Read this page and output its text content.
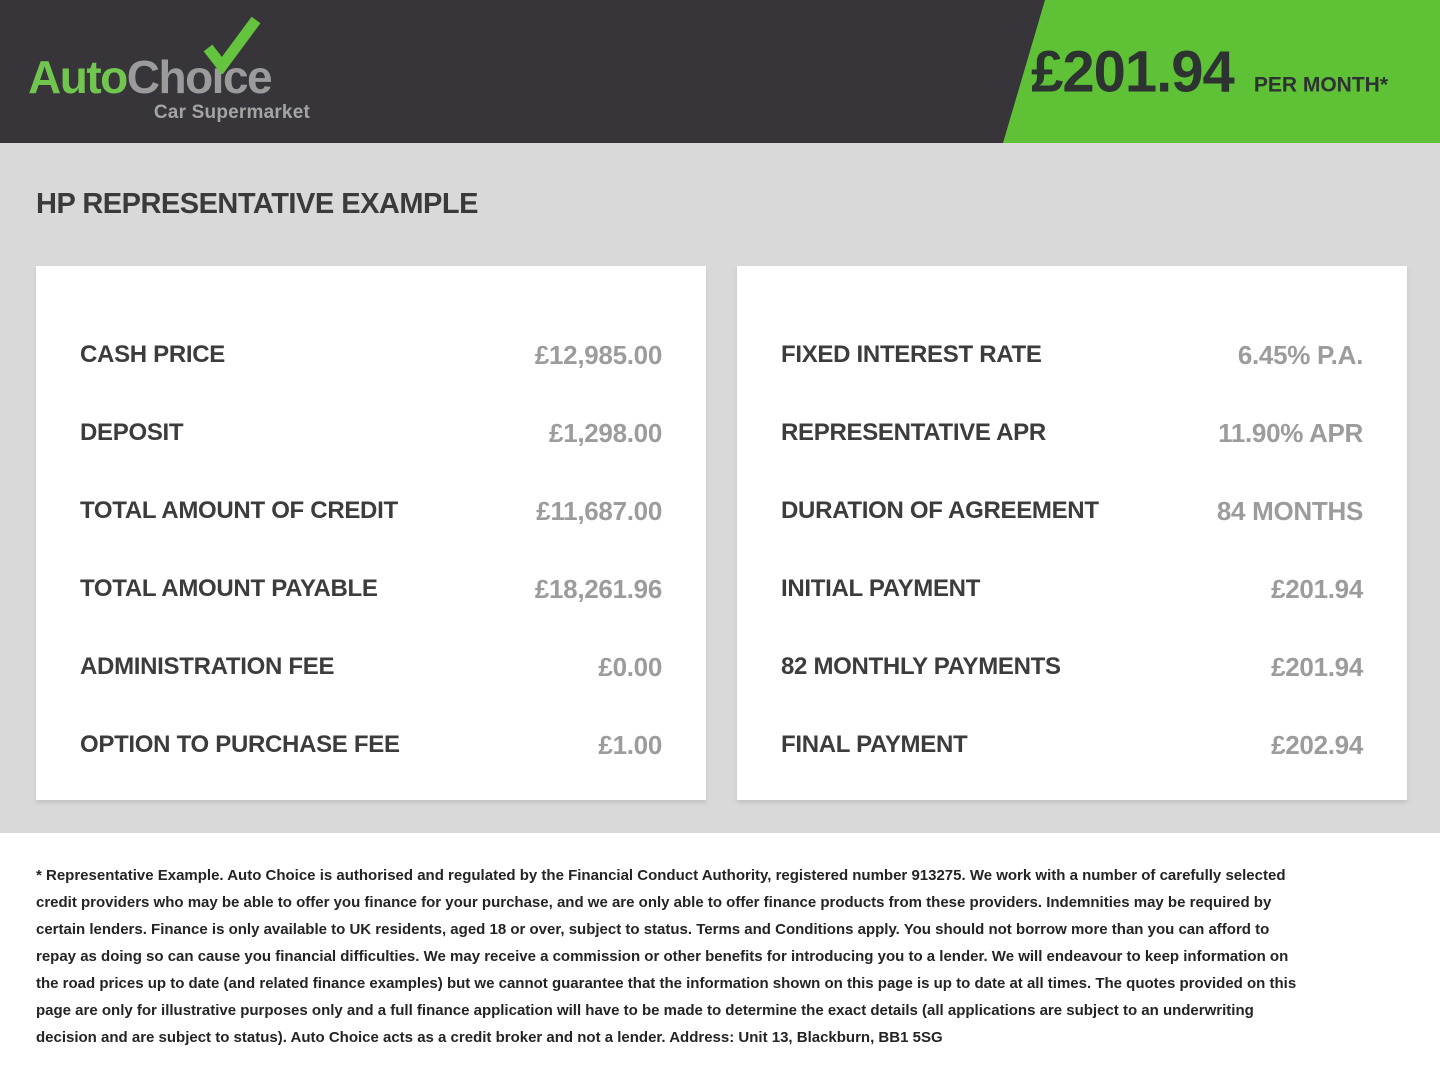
AutoChoice
Car Supermarket
£201.94 PER MONTH*
HP REPRESENTATIVE EXAMPLE
CASH PRICE	£12,985.00
DEPOSIT	£1,298.00
TOTAL AMOUNT OF CREDIT	£11,687.00
TOTAL AMOUNT PAYABLE	£18,261.96
ADMINISTRATION FEE	£0.00
OPTION TO PURCHASE FEE	£1.00
FIXED INTEREST RATE	6.45% P.A.
REPRESENTATIVE APR	11.90% APR
DURATION OF AGREEMENT	84 MONTHS
INITIAL PAYMENT	£201.94
82 MONTHLY PAYMENTS	£201.94
FINAL PAYMENT	£202.94

* Representative Example. Auto Choice is authorised and regulated by the Financial Conduct Authority, registered number 913275. We work with a number of carefully selected credit providers who may be able to offer you finance for your purchase, and we are only able to offer finance products from these providers. Indemnities may be required by certain lenders. Finance is only available to UK residents, aged 18 or over, subject to status. Terms and Conditions apply. You should not borrow more than you can afford to repay as doing so can cause you financial difficulties. We may receive a commission or other benefits for introducing you to a lender. We will endeavour to keep information on the road prices up to date (and related finance examples) but we cannot guarantee that the information shown on this page is up to date at all times. The quotes provided on this page are only for illustrative purposes only and a full finance application will have to be made to determine the exact details (all applications are subject to an underwriting decision and are subject to status). Auto Choice acts as a credit broker and not a lender. Address: Unit 13, Blackburn, BB1 5SG
